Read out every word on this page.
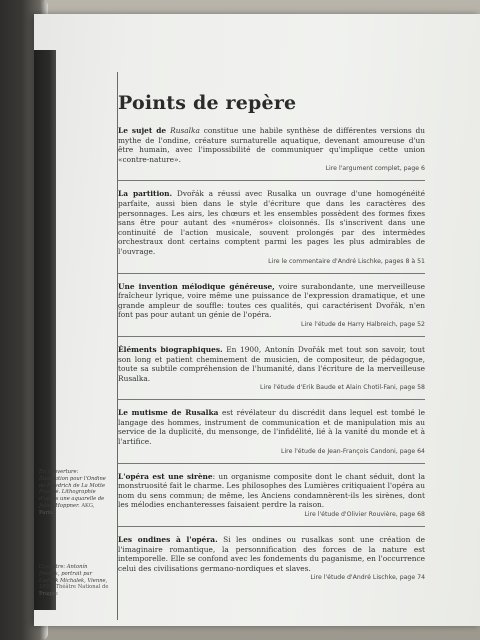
En couverture: Illustration pour l'Ondine de Friedrich de La Motte Fouqué. Lithographie d'après une aquarelle de Julius Hoppner. AKG, Paris.
Ci-contre: Antonín Dvořák, portrait par Ludwik Michalek, Vienne, 1891. Théâtre National de Prague
Points de repère

Le sujet de Rusalka constitue une habile synthèse de différentes versions du mythe de l'ondine, créature surnaturelle aquatique, devenant amoureuse d'un être humain, avec l'impossibilité de communiquer qu'implique cette union «contre-nature».

Lire l'argument complet, page 6

La partition. Dvořák a réussi avec Rusalka un ouvrage d'une homogénéité parfaite, aussi bien dans le style d'écriture que dans les caractères des personnages. Les airs, les chœurs et les ensembles possèdent des formes fixes sans être pour autant des «numéros» cloisonnés. Ils s'inscrivent dans une continuité de l'action musicale, souvent prolongés par des intermèdes orchestraux dont certains comptent parmi les pages les plus admirables de l'ouvrage.

Lire le commentaire d'André Lischke, pages 8 à 51

Une invention mélodique généreuse, voire surabondante, une merveilleuse fraîcheur lyrique, voire même une puissance de l'expression dramatique, et une grande ampleur de souffle: toutes ces qualités, qui caractérisent Dvořák, n'en font pas pour autant un génie de l'opéra.

Lire l'étude de Harry Halbreich, page 52

Éléments biographiques. En 1900, Antonín Dvořák met tout son savoir, tout son long et patient cheminement de musicien, de compositeur, de pédagogue, toute sa subtile compréhension de l'humanité, dans l'écriture de la merveilleuse Rusalka.

Lire l'étude d'Erik Baude et Alain Chotil-Fani, page 58

Le mutisme de Rusalka est révélateur du discrédit dans lequel est tombé le langage des hommes, instrument de communication et de manipulation mis au service de la duplicité, du mensonge, de l'infidélité, lié à la vanité du monde et à l'artifice.

Lire l'étude de Jean-François Candoni, page 64

L'opéra est une sirène: un organisme composite dont le chant séduit, dont la monstruosité fait le charme. Les philosophes des Lumières critiquaient l'opéra au nom du sens commun; de même, les Anciens condamnèrent-ils les sirènes, dont les mélodies enchanteresses faisaient perdre la raison.

Lire l'étude d'Olivier Rouvière, page 68

Les ondines à l'opéra. Si les ondines ou rusalkas sont une création de l'imaginaire romantique, la personnification des forces de la nature est intemporelle. Elle se confond avec les fondements du paganisme, en l'occurrence celui des civilisations germano-nordiques et slaves.

Lire l'étude d'André Lischke, page 74
